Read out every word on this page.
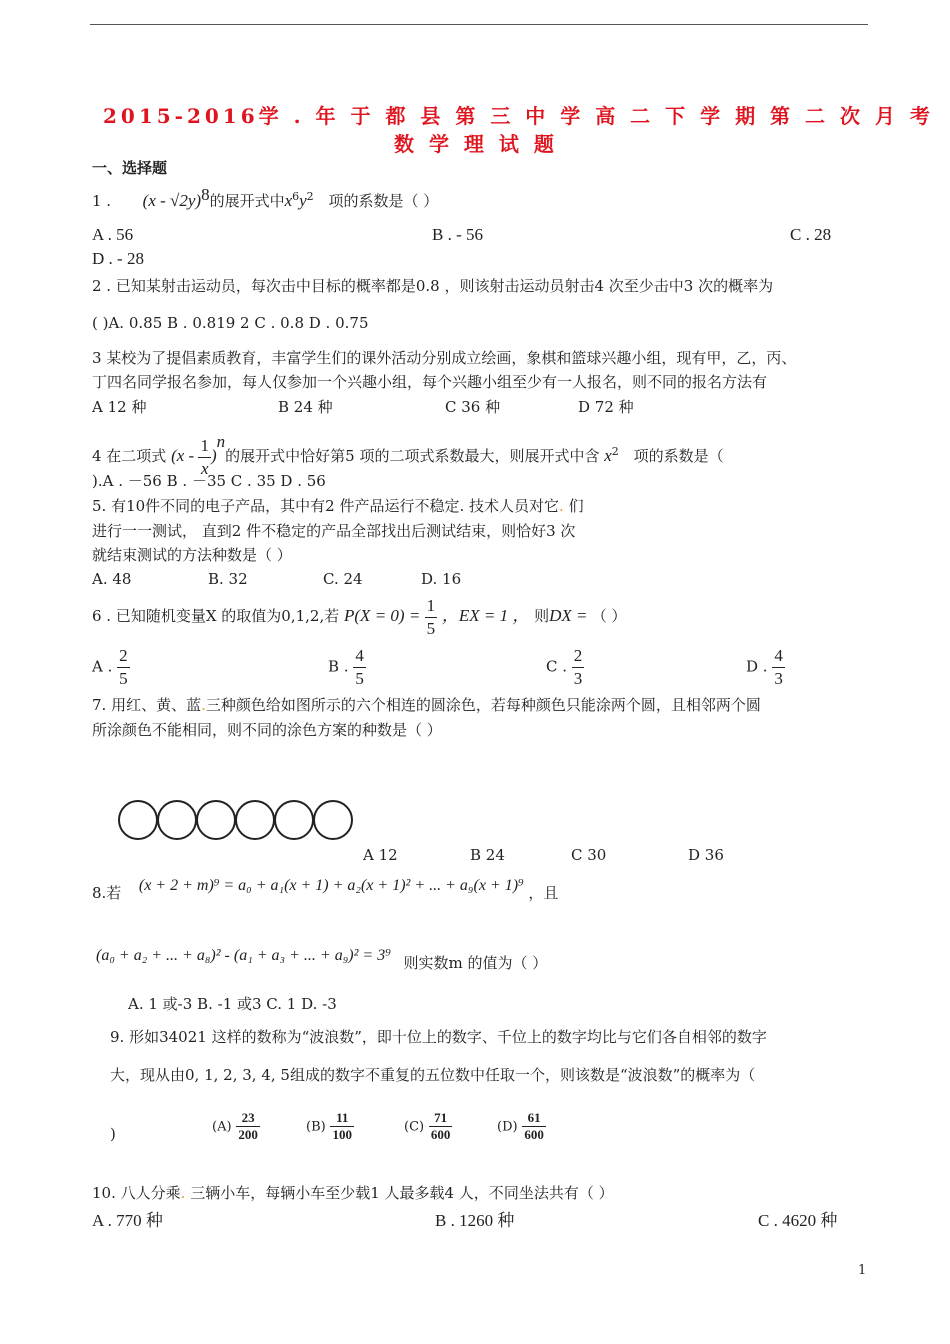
2015-2016学 . 年 于 都 县 第 三 中 学 高 二 下 学 期 第 二 次 月 考
数 学 理 试 题
一、选择题
1 . (x - √2y)$^8$的展开式中$x^6y^2$ 项的系数是（ ）
A . 56	B . - 56	C . 28
D . - 28
2 . 已知某射击运动员，每次击中目标的概率都是0.8 ，则该射击运动员射击4 次至少击中3 次的概率为
( )A. 0.85 B . 0.819 2 C . 0.8 D . 0.75
3 某校为了提倡素质教育，丰富学生们的课外活动分别成立绘画，象棋和篮球兴趣小组，现有甲，乙，丙、
丁四名同学报名参加，每人仅参加一个兴趣小组，每个兴趣小组至少有一人报名，则不同的报名方法有
A 12 种	B 24 种	C 36 种	D 72 种
4 在二项式 $(x - \frac{1}{x} )^n$的展开式中恰好第5 项的二项式系数最大，则展开式中含 $x^2$ 项的系数是（
).A . －56 B . －35 C . 35 D . 56
5. 有10件不同的电子产品，其中有2 件产品运行不稳定. 技术人员对它. 们
进行一一测试， 直到2 件不稳定的产品全部找出后测试结束，则恰好3 次
就结束测试的方法种数是（ ）
A. 48	B. 32	C. 24	D. 16
6 . 已知随机变量X 的取值为0,1,2,若 $P(X = 0) = \frac{1}{5}$ ，EX = 1 ， 则DX = （ ）
A . $\frac{2}{5}$	B . $\frac{4}{5}$	C . $\frac{2}{3}$	D . $\frac{4}{3}$
7. 用红、黄、蓝.三种颜色给如图所示的六个相连的圆涂色，若每种颜色只能涂两个圆，且相邻两个圆
所涂颜色不能相同，则不同的涂色方案的种数是（ ）
A 12	B 24	C 30	D 36
8.若 (x + 2 + m)⁹ = a₀ + a₁(x + 1) + a₂(x + 1)² + ... + a₉(x + 1)⁹ ，且
(a₀ + a₂ + ... + a₈)² - (a₁ + a₃ + ... + a₉)² = 3⁹ 则实数m 的值为（ ）
A. 1 或-3 B. -1 或3 C. 1 D. -3
9. 形如34021 这样的数称为“波浪数”，即十位上的数字、千位上的数字均比与它们各自相邻的数字
大，现从由0, 1, 2, 3, 4, 5组成的数字不重复的五位数中任取一个，则该数是“波浪数”的概率为（
)	$(A) \frac{23}{200}$	$(B) \frac{11}{100}$	$(C) \frac{71}{600}$	$(D) \frac{61}{600}$
10. 八人分乘. 三辆小车，每辆小车至少载1 人最多载4 人，不同坐法共有（ ）
A . 770 种	B . 1260 种	C . 4620 种
1
